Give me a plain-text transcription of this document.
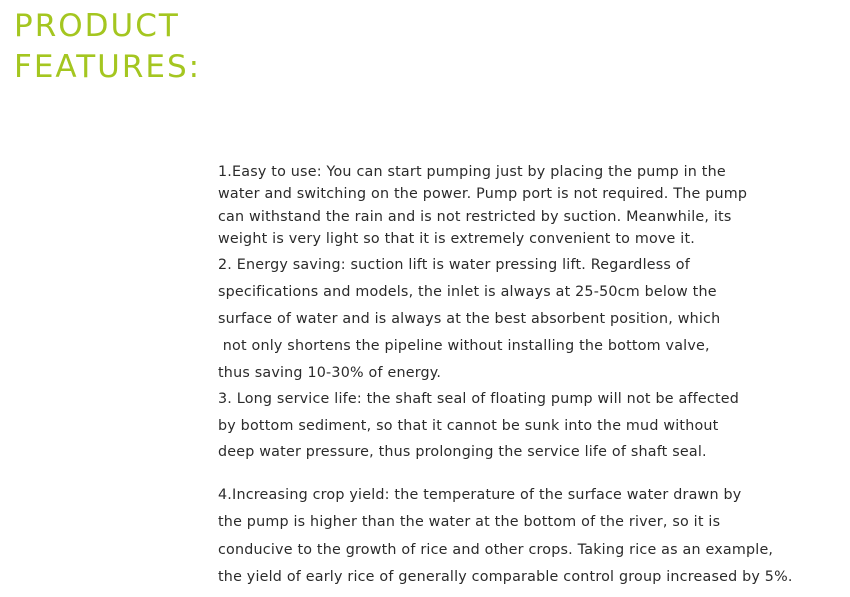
PRODUCT
FEATURES:

1.Easy to use: You can start pumping just by placing the pump in the
water and switching on the power. Pump port is not required. The pump
can withstand the rain and is not restricted by suction. Meanwhile, its
weight is very light so that it is extremely convenient to move it.

2. Energy saving: suction lift is water pressing lift. Regardless of
specifications and models, the inlet is always at 25-50cm below the
surface of water and is always at the best absorbent position, which
not only shortens the pipeline without installing the bottom valve,
thus saving 10-30% of energy.

3. Long service life: the shaft seal of floating pump will not be affected
by bottom sediment, so that it cannot be sunk into the mud without
deep water pressure, thus prolonging the service life of shaft seal.

4.Increasing crop yield: the temperature of the surface water drawn by
the pump is higher than the water at the bottom of the river, so it is
conducive to the growth of rice and other crops. Taking rice as an example,
the yield of early rice of generally comparable control group increased by 5%.
